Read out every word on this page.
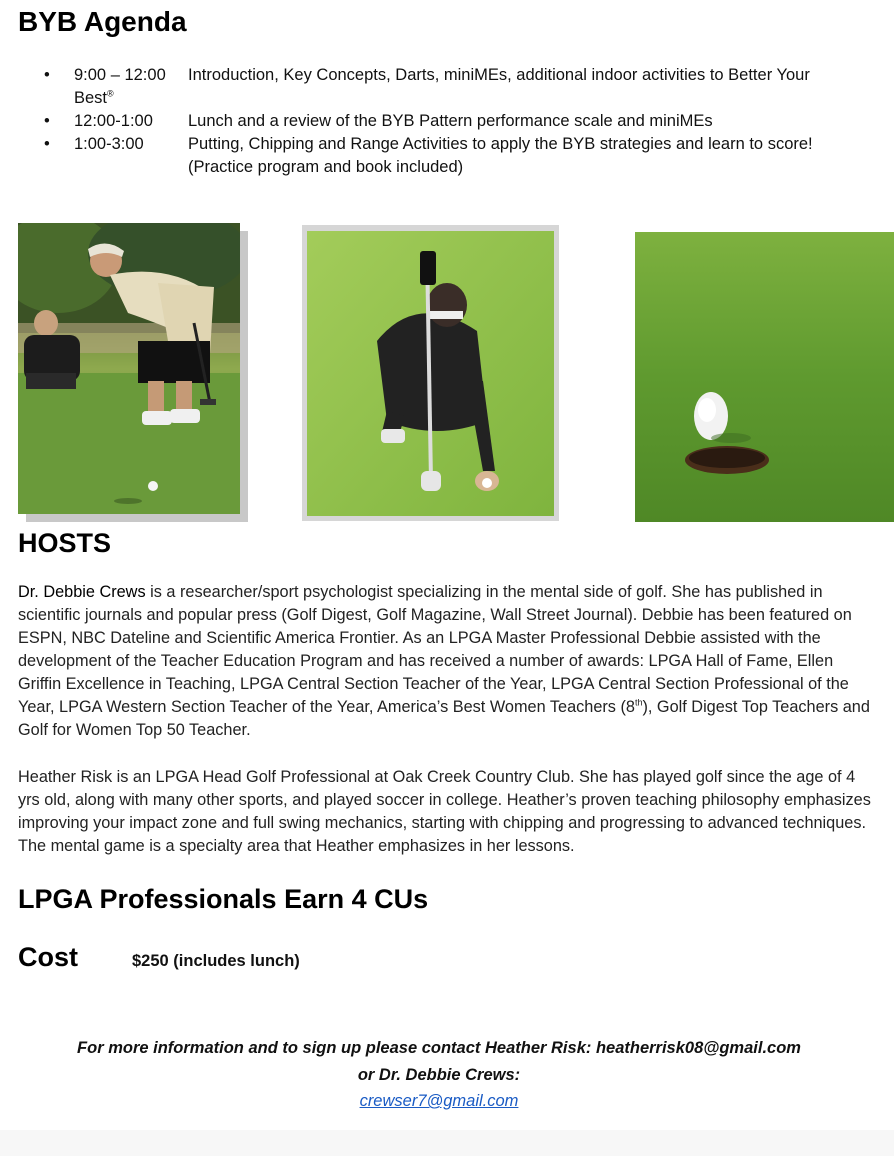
BYB Agenda
•	9:00 – 12:00	Introduction, Key Concepts, Darts, miniMEs, additional indoor activities to Better Your
Best®
•	12:00-1:00	Lunch and a review of the BYB Pattern performance scale and miniMEs
•	1:00-3:00	Putting, Chipping and Range Activities to apply the BYB strategies and learn to score!
(Practice program and book included)
HOSTS

Dr. Debbie Crews is a researcher/sport psychologist specializing in the mental side of golf. She has published in scientific journals and popular press (Golf Digest, Golf Magazine, Wall Street Journal). Debbie has been featured on ESPN, NBC Dateline and Scientific America Frontier. As an LPGA Master Professional Debbie assisted with the development of the Teacher Education Program and has received a number of awards: LPGA Hall of Fame, Ellen Griffin Excellence in Teaching, LPGA Central Section Teacher of the Year, LPGA Central Section Professional of the Year, LPGA Western Section Teacher of the Year, America’s Best Women Teachers (8th), Golf Digest Top Teachers and Golf for Women Top 50 Teacher.

Heather Risk is an LPGA Head Golf Professional at Oak Creek Country Club. She has played golf since the age of 4 yrs old, along with many other sports, and played soccer in college. Heather’s proven teaching philosophy emphasizes improving your impact zone and full swing mechanics, starting with chipping and progressing to advanced techniques. The mental game is a specialty area that Heather emphasizes in her lessons.

LPGA Professionals Earn 4 CUs
Cost	$250 (includes lunch)
For more information and to sign up please contact Heather Risk: heatherrisk08@gmail.com
or Dr. Debbie Crews:
crewser7@gmail.com
